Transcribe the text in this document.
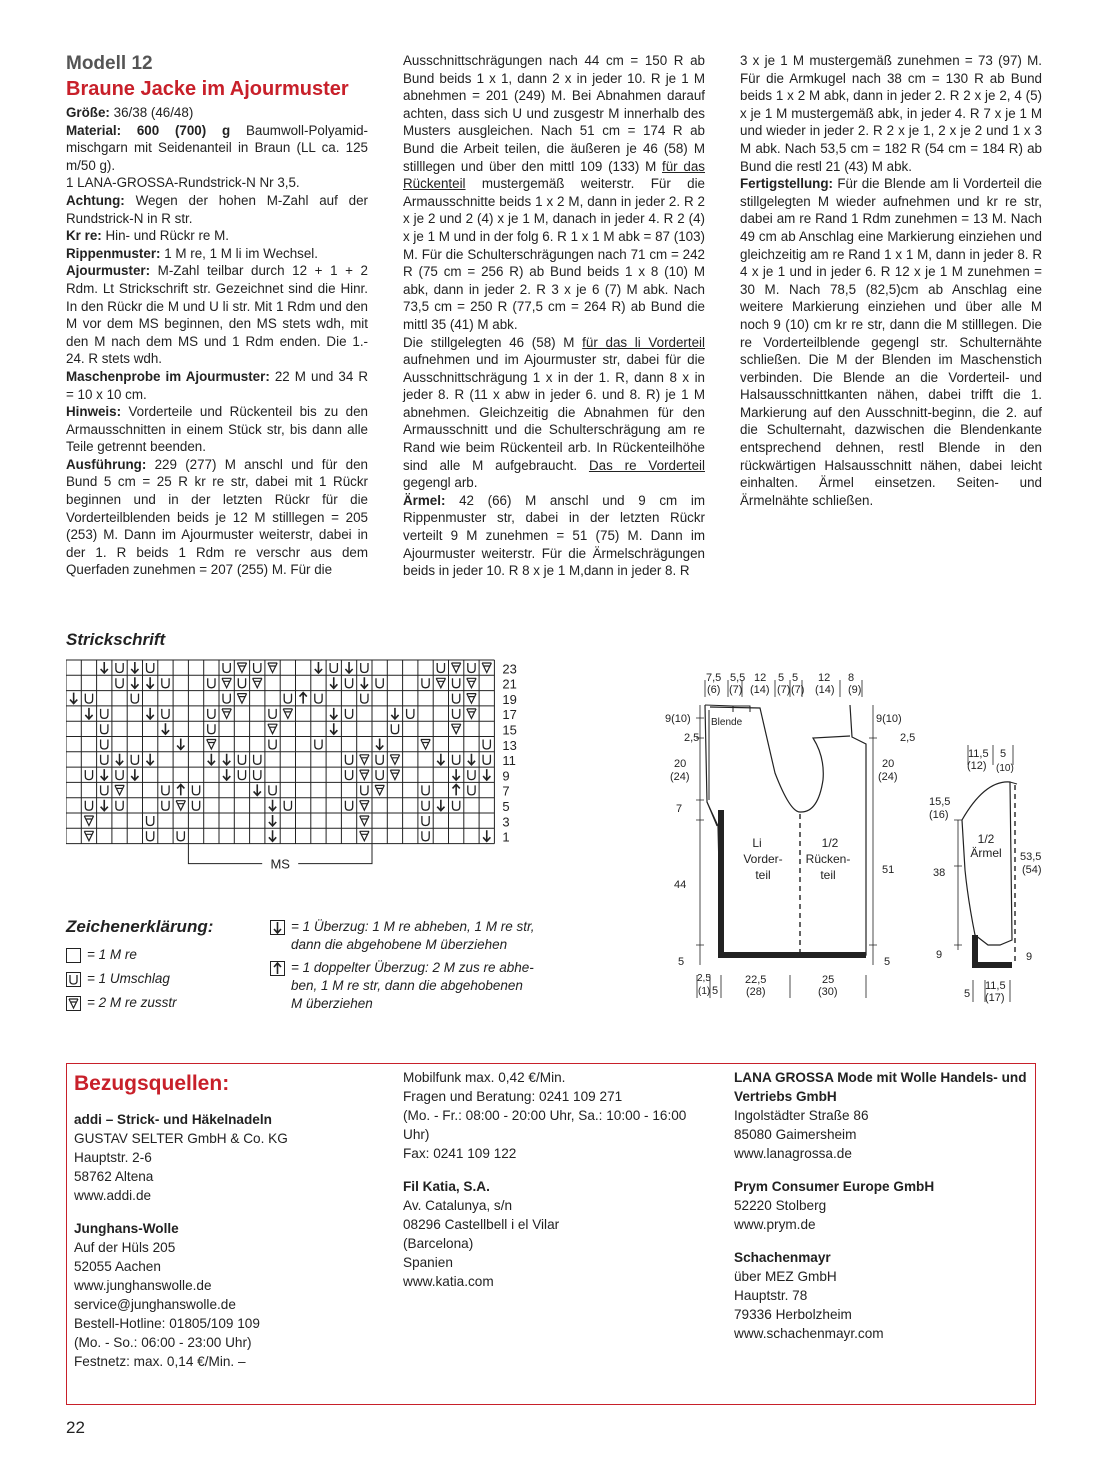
Modell 12

Braune Jacke im Ajourmuster

Größe: 36/38 (46/48)

Material: 600 (700) g Baumwoll-Polyamid-mischgarn mit Seidenanteil in Braun (LL ca. 125 m/50 g).

1 LANA-GROSSA-Rundstrick-N Nr 3,5.

Achtung: Wegen der hohen M-Zahl auf der Rundstrick-N in R str.

Kr re: Hin- und Rückr re M.

Rippenmuster: 1 M re, 1 M li im Wechsel.

Ajourmuster: M-Zahl teilbar durch 12 + 1 + 2 Rdm. Lt Strickschrift str. Gezeichnet sind die Hinr. In den Rückr die M und U li str. Mit 1 Rdm und den M vor dem MS beginnen, den MS stets wdh, mit den M nach dem MS und 1 Rdm enden. Die 1.- 24. R stets wdh.

Maschenprobe im Ajourmuster: 22 M und 34 R = 10 x 10 cm.

Hinweis: Vorderteile und Rückenteil bis zu den Armausschnitten in einem Stück str, bis dann alle Teile getrennt beenden.

Ausführung: 229 (277) M anschl und für den Bund 5 cm = 25 R kr re str, dabei mit 1 Rückr beginnen und in der letzten Rückr für die Vorderteilblenden beids je 12 M stilllegen = 205 (253) M. Dann im Ajourmuster weiterstr, dabei in der 1. R beids 1 Rdm re verschr aus dem Querfaden zunehmen = 207 (255) M. Für die

Ausschnittschrägungen nach 44 cm = 150 R ab Bund beids 1 x 1, dann 2 x in jeder 10. R je 1 M abnehmen = 201 (249) M. Bei Abnahmen darauf achten, dass sich U und zusgestr M innerhalb des Musters ausgleichen. Nach 51 cm = 174 R ab Bund die Arbeit teilen, die äußeren je 46 (58) M stilllegen und über den mittl 109 (133) M für das Rückenteil mustergemäß weiterstr. Für die Armausschnitte beids 1 x 2 M, dann in jeder 2. R 2 x je 2 und 2 (4) x je 1 M, danach in jeder 4. R 2 (4) x je 1 M und in der folg 6. R 1 x 1 M abk = 87 (103) M. Für die Schulterschrägungen nach 71 cm = 242 R (75 cm = 256 R) ab Bund beids 1 x 8 (10) M abk, dann in jeder 2. R 3 x je 6 (7) M abk. Nach 73,5 cm = 250 R (77,5 cm = 264 R) ab Bund die mittl 35 (41) M abk.

Die stillgelegten 46 (58) M für das li Vorderteil aufnehmen und im Ajourmuster str, dabei für die Ausschnittschrägung 1 x in der 1. R, dann 8 x in jeder 8. R (11 x abw in jeder 6. und 8. R) je 1 M abnehmen. Gleichzeitig die Abnahmen für den Armausschnitt und die Schulterschrägung am re Rand wie beim Rückenteil arb. In Rückenteilhöhe sind alle M aufgebraucht. Das re Vorderteil gegengl arb.

Ärmel: 42 (66) M anschl und 9 cm im Rippenmuster str, dabei in der letzten Rückr verteilt 9 M zunehmen = 51 (75) M. Dann im Ajourmuster weiterstr. Für die Ärmelschrägungen beids in jeder 10. R 8 x je 1 M,dann in jeder 8. R

3 x je 1 M mustergemäß zunehmen = 73 (97) M. Für die Armkugel nach 38 cm = 130 R ab Bund beids 1 x 2 M abk, dann in jeder 2. R 2 x je 2, 4 (5) x je 1 M mustergemäß abk, in jeder 4. R 7 x je 1 M und wieder in jeder 2. R 2 x je 1, 2 x je 2 und 1 x 3 M abk. Nach 53,5 cm = 182 R (54 cm = 184 R) ab Bund die restl 21 (43) M abk.

Fertigstellung: Für die Blende am li Vorderteil die stillgelegten M wieder aufnehmen und kr re str, dabei am re Rand 1 Rdm zunehmen = 13 M. Nach 49 cm ab Anschlag eine Markierung einziehen und gleichzeitig am re Rand 1 x 1 M, dann in jeder 8. R 4 x je 1 und in jeder 6. R 12 x je 1 M zunehmen = 30 M. Nach 78,5 (82,5)cm ab Anschlag eine weitere Markierung einziehen und über alle M noch 9 (10) cm kr re str, dann die M stilllegen. Die re Vorderteilblende gegengl str. Schulternähte schließen. Die M der Blenden im Maschenstich verbinden. Die Blende an die Vorderteil- und Halsausschnittkanten nähen, dabei trifft die 1. Markierung auf den Ausschnitt-beginn, die 2. auf die Schulternaht, dazwischen die Blendenkante entsprechend dehnen, restl Blende in den rückwärtigen Halsausschnitt nähen, dabei leicht einhalten. Ärmel einsetzen. Seiten- und Ärmelnähte schließen.

Strickschrift
23
21
19
17
15
13
11
9
7
5
3
1
MS
Zeichenerklärung:
= 1 M re
= 1 Umschlag
= 2 M re zusstr
= 1 Überzug: 1 M re abheben, 1 M re str,
dann die abgehobene M überziehen
= 1 doppelter Überzug: 2 M zus re abhe-
ben, 1 M re str, dann die abgehobenen
M überziehen
7,5 5,5 12 5 5 12 8
(6) (7) (14) (7) (7) (14) (9)
9(10)
2,5
20
(24)
7
44
5
9(10)
2,5
20
(24)
51
5
Blende
Li
Vorder-
teil
1/2
Rücken-
teil
2,5
(1) 5
22,5
(28)
25
(30)
11,5
(12)
5
(10)
15,5
(16)
38
9
53,5
(54)
9
1/2
Ärmel
5
11,5
(17)

Bezugsquellen:

addi – Strick- und Häkelnadeln

GUSTAV SELTER GmbH & Co. KG

Hauptstr. 2-6

58762 Altena

www.addi.de

Junghans-Wolle

Auf der Hüls 205

52055 Aachen

www.junghanswolle.de

service@junghanswolle.de

Bestell-Hotline: 01805/109 109

(Mo. - So.: 06:00 - 23:00 Uhr)

Festnetz: max. 0,14 €/Min. –

Mobilfunk max. 0,42 €/Min.

Fragen und Beratung: 0241 109 271

(Mo. - Fr.: 08:00 - 20:00 Uhr, Sa.: 10:00 - 16:00

Uhr)

Fax: 0241 109 122

Fil Katia, S.A.

Av. Catalunya, s/n

08296 Castellbell i el Vilar

(Barcelona)

Spanien

www.katia.com

LANA GROSSA Mode mit Wolle Handels- und

Vertriebs GmbH

Ingolstädter Straße 86

85080 Gaimersheim

www.lanagrossa.de

Prym Consumer Europe GmbH

52220 Stolberg

www.prym.de

Schachenmayr

über MEZ GmbH

Hauptstr. 78

79336 Herbolzheim

www.schachenmayr.com

22
